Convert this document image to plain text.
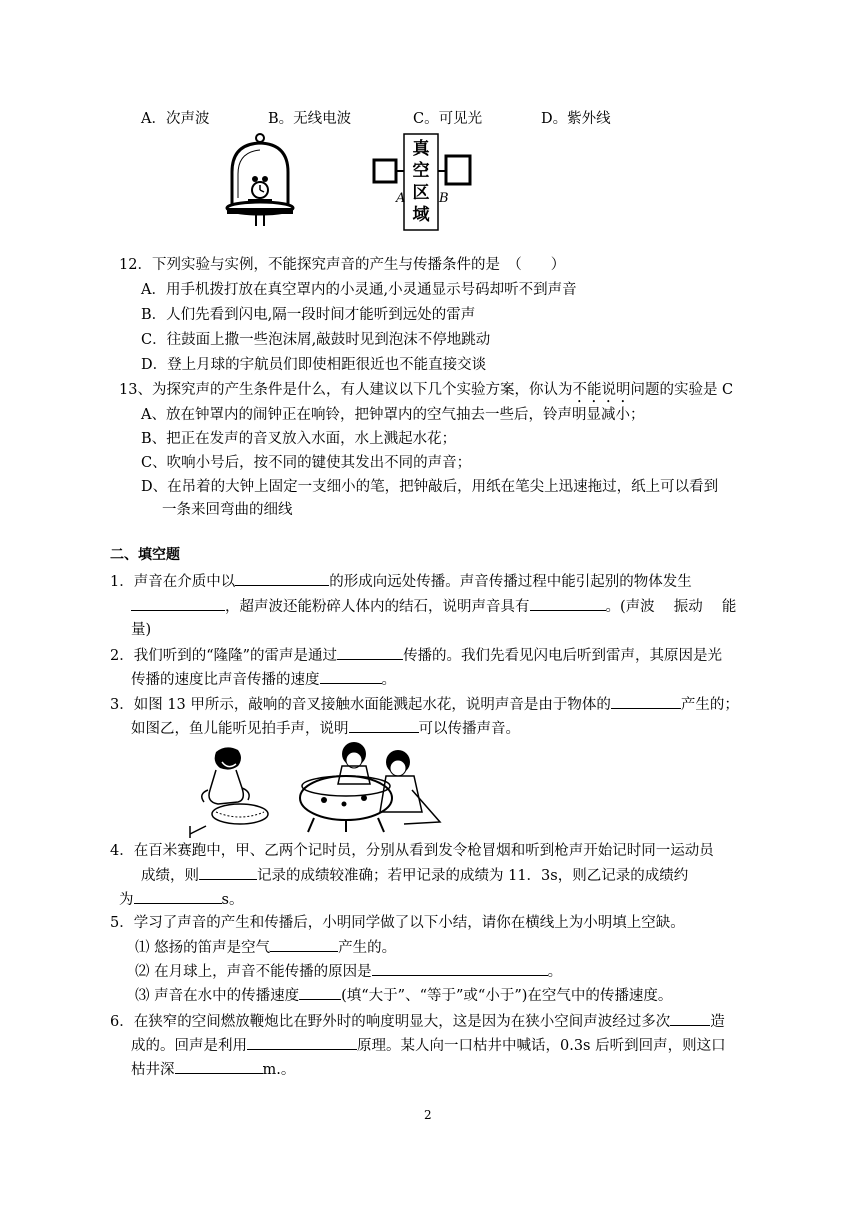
A．次声波	B。无线电波	C。可见光	D。紫外线
真
空
区
域
A	B
12．下列实验与实例，不能探究声音的产生与传播条件的是　（　　）
A．用手机拨打放在真空罩内的小灵通,小灵通显示号码却听不到声音
B．人们先看到闪电,隔一段时间才能听到远处的雷声
C．往鼓面上撒一些泡沫屑,敲鼓时见到泡沫不停地跳动
D．登上月球的宇航员们即使相距很近也不能直接交谈
13、为探究声的产生条件是什么，有人建议以下几个实验方案，你认为不能说明问题的实验是 C
A、放在钟罩内的闹钟正在响铃，把钟罩内的空气抽去一些后，铃声明显减小；
B、把正在发声的音叉放入水面，水上溅起水花；
C、吹响小号后，按不同的键使其发出不同的声音；
D、在吊着的大钟上固定一支细小的笔，把钟敲后，用纸在笔尖上迅速拖过，纸上可以看到
一条来回弯曲的细线
二、填空题
1．声音在介质中以	的形成向远处传播。声音传播过程中能引起别的物体发生
，超声波还能粉碎人体内的结石，说明声音具有	。(声波　 振动　 能
量)
2．我们听到的“隆隆”的雷声是通过	传播的。我们先看见闪电后听到雷声，其原因是光
传播的速度比声音传播的速度	。
3．如图 13 甲所示，敲响的音叉接触水面能溅起水花，说明声音是由于物体的	产生的；
如图乙，鱼儿能听见拍手声，说明	可以传播声音。
4．在百米赛跑中，甲、乙两个记时员，分别从看到发令枪冒烟和听到枪声开始记时同一运动员
成绩，则	记录的成绩较准确；若甲记录的成绩为 11．3s，则乙记录的成绩约
为	s。
5．学习了声音的产生和传播后，小明同学做了以下小结，请你在横线上为小明填上空缺。
⑴ 悠扬的笛声是空气	产生的。
⑵ 在月球上，声音不能传播的原因是	。
⑶ 声音在水中的传播速度	(填“大于”、“等于”或“小于”)在空气中的传播速度。
6．在狭窄的空间燃放鞭炮比在野外时的响度明显大，这是因为在狭小空间声波经过多次	造
成的。回声是利用	原理。某人向一口枯井中喊话，0.3s 后听到回声，则这口
枯井深	m.。
2
